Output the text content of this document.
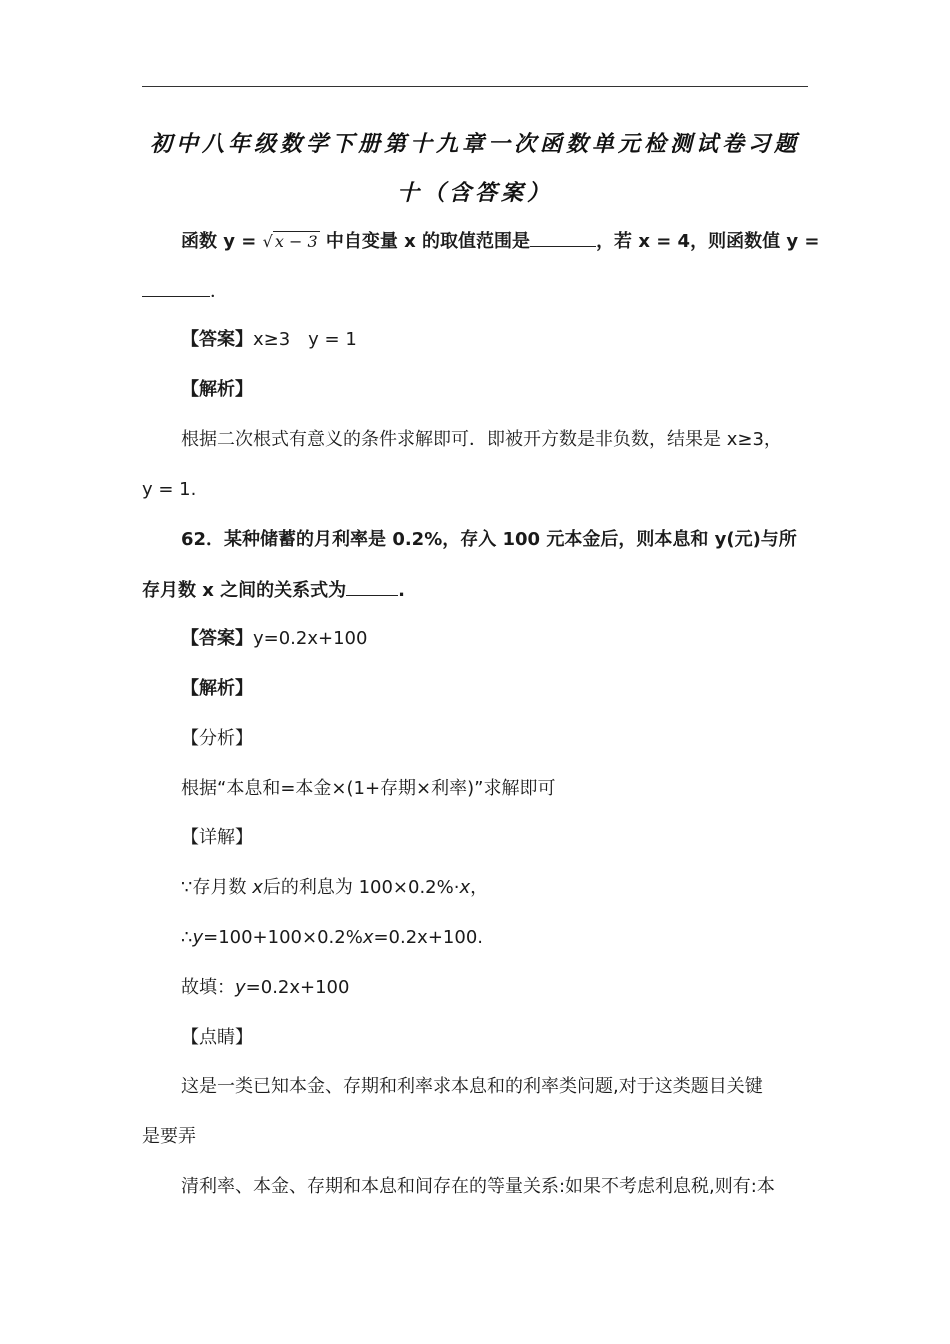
初中八年级数学下册第十九章一次函数单元检测试卷习题
十（含答案）
函数 y = √ x − 3 中自变量 x 的取值范围是	，若 x = 4，则函数值 y =
．
【答案】x≥3　y = 1
【解析】
根据二次根式有意义的条件求解即可．即被开方数是非负数，结果是 x≥3，
y = 1.
62．某种储蓄的月利率是 0.2%，存入 100 元本金后，则本息和 y(元)与所
存月数 x 之间的关系式为	.
【答案】y=0.2x+100
【解析】
【分析】
根据“本息和=本金×(1+存期×利率)”求解即可
【详解】
∵存月数 x后的利息为 100×0.2%·x，
∴y=100+100×0.2%x=0.2x+100.
故填：y=0.2x+100
【点睛】
这是一类已知本金、存期和利率求本息和的利率类问题,对于这类题目关键
是要弄
清利率、本金、存期和本息和间存在的等量关系:如果不考虑利息税,则有:本
